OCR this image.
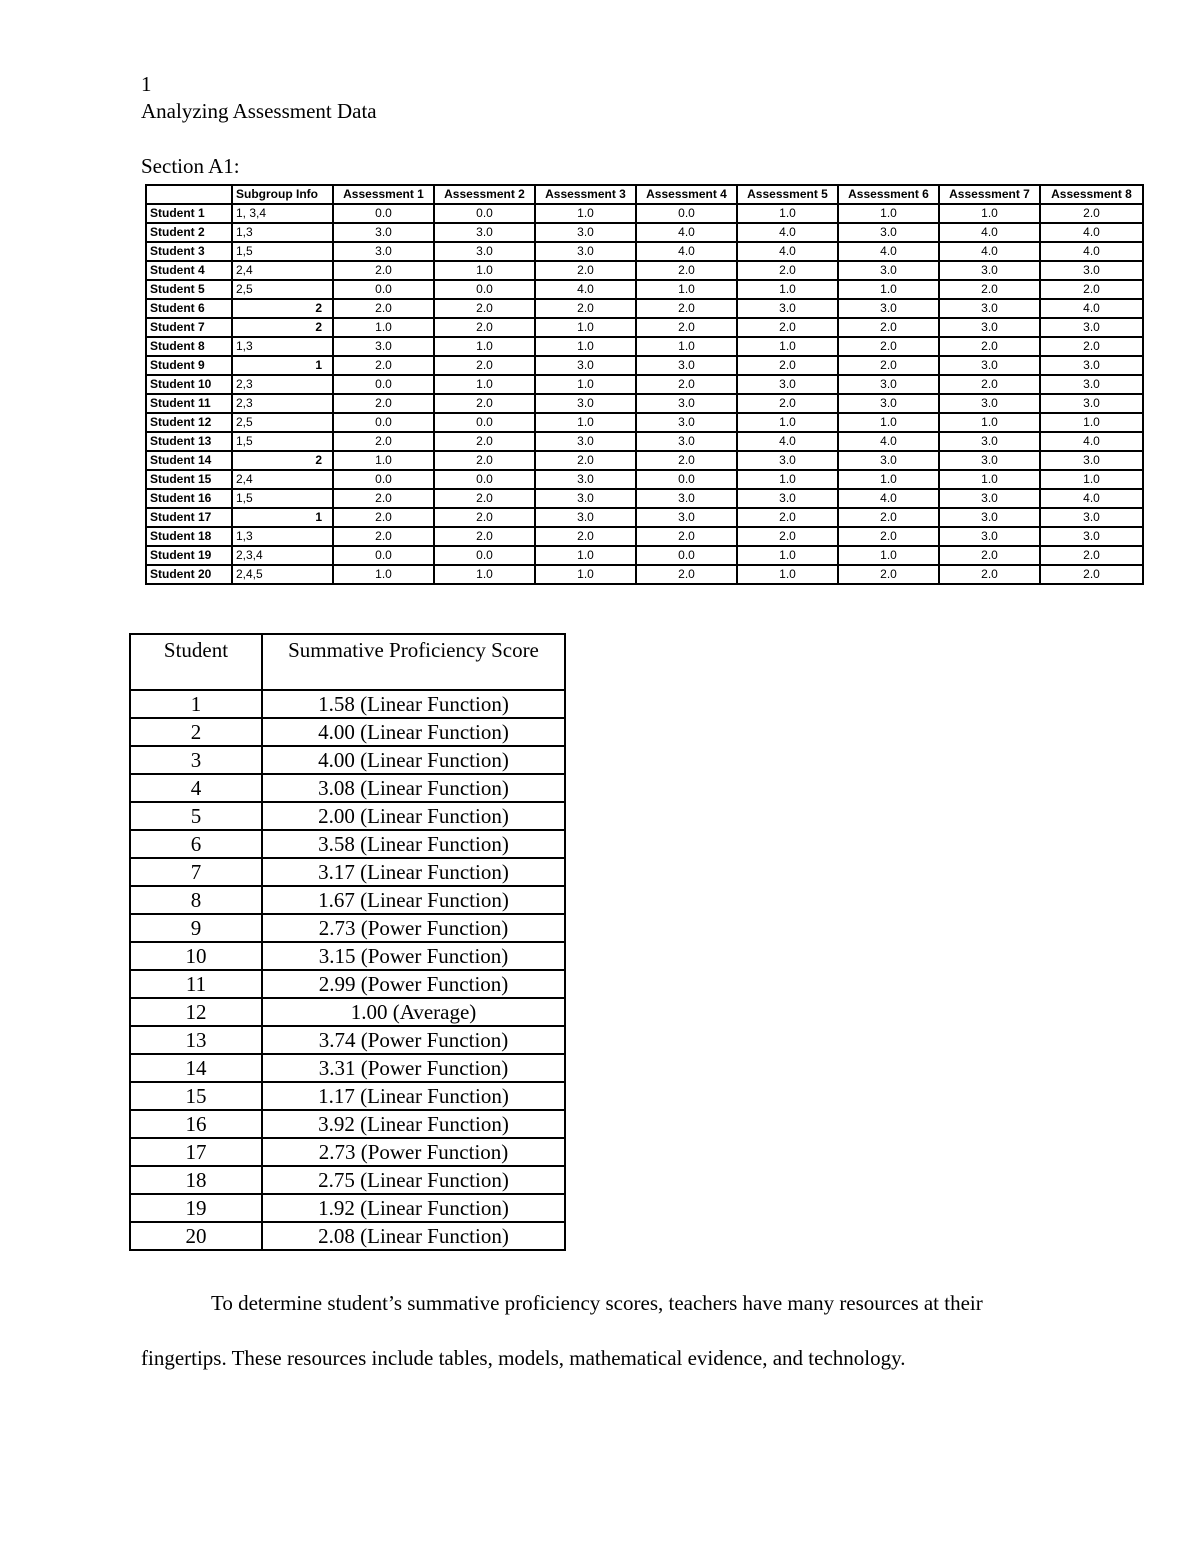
1
Analyzing Assessment Data
Section A1:
	Subgroup Info	Assessment 1	Assessment 2	Assessment 3	Assessment 4	Assessment 5	Assessment 6	Assessment 7	Assessment 8
Student 1	1, 3,4	0.0	0.0	1.0	0.0	1.0	1.0	1.0	2.0
Student 2	1,3	3.0	3.0	3.0	4.0	4.0	3.0	4.0	4.0
Student 3	1,5	3.0	3.0	3.0	4.0	4.0	4.0	4.0	4.0
Student 4	2,4	2.0	1.0	2.0	2.0	2.0	3.0	3.0	3.0
Student 5	2,5	0.0	0.0	4.0	1.0	1.0	1.0	2.0	2.0
Student 6	2	2.0	2.0	2.0	2.0	3.0	3.0	3.0	4.0
Student 7	2	1.0	2.0	1.0	2.0	2.0	2.0	3.0	3.0
Student 8	1,3	3.0	1.0	1.0	1.0	1.0	2.0	2.0	2.0
Student 9	1	2.0	2.0	3.0	3.0	2.0	2.0	3.0	3.0
Student 10	2,3	0.0	1.0	1.0	2.0	3.0	3.0	2.0	3.0
Student 11	2,3	2.0	2.0	3.0	3.0	2.0	3.0	3.0	3.0
Student 12	2,5	0.0	0.0	1.0	3.0	1.0	1.0	1.0	1.0
Student 13	1,5	2.0	2.0	3.0	3.0	4.0	4.0	3.0	4.0
Student 14	2	1.0	2.0	2.0	2.0	3.0	3.0	3.0	3.0
Student 15	2,4	0.0	0.0	3.0	0.0	1.0	1.0	1.0	1.0
Student 16	1,5	2.0	2.0	3.0	3.0	3.0	4.0	3.0	4.0
Student 17	1	2.0	2.0	3.0	3.0	2.0	2.0	3.0	3.0
Student 18	1,3	2.0	2.0	2.0	2.0	2.0	2.0	3.0	3.0
Student 19	2,3,4	0.0	0.0	1.0	0.0	1.0	1.0	2.0	2.0
Student 20	2,4,5	1.0	1.0	1.0	2.0	1.0	2.0	2.0	2.0
Student	Summative Proficiency Score
1	1.58 (Linear Function)
2	4.00 (Linear Function)
3	4.00 (Linear Function)
4	3.08 (Linear Function)
5	2.00 (Linear Function)
6	3.58 (Linear Function)
7	3.17 (Linear Function)
8	1.67 (Linear Function)
9	2.73 (Power Function)
10	3.15 (Power Function)
11	2.99 (Power Function)
12	1.00 (Average)
13	3.74 (Power Function)
14	3.31 (Power Function)
15	1.17 (Linear Function)
16	3.92 (Linear Function)
17	2.73 (Power Function)
18	2.75 (Linear Function)
19	1.92 (Linear Function)
20	2.08 (Linear Function)

To determine student’s summative proficiency scores, teachers have many resources at their fingertips. These resources include tables, models, mathematical evidence, and technology.
